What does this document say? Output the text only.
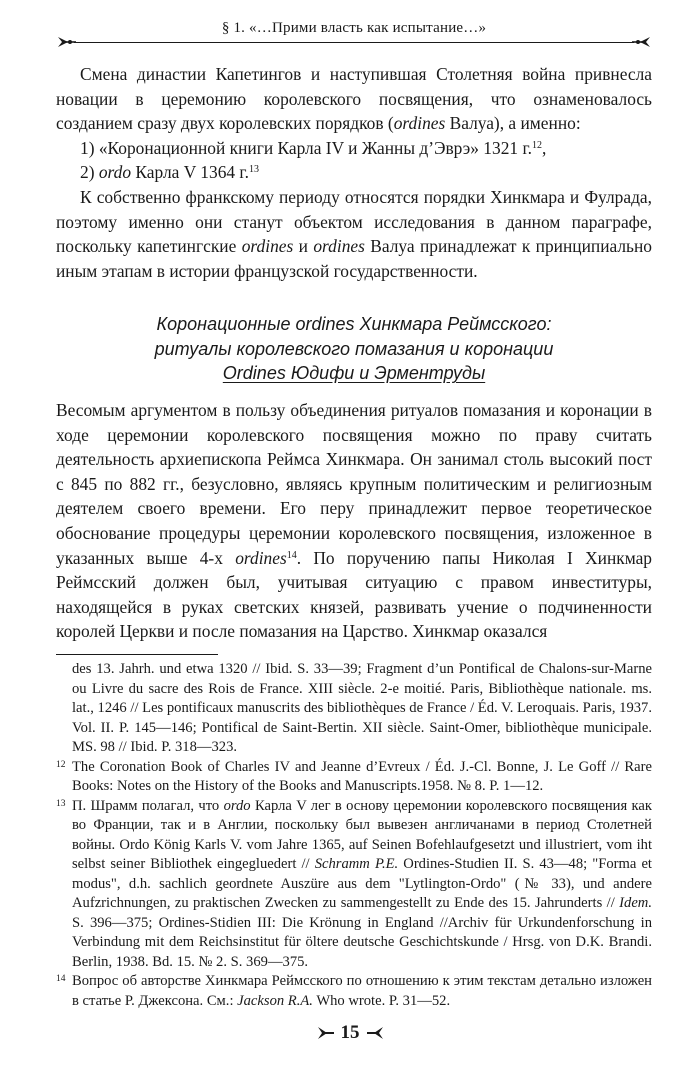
§ 1. «…Прими власть как испытание…»

Смена династии Капетингов и наступившая Столетняя война привнесла новации в церемонию королевского посвящения, что ознаменовалось созданием сразу двух королевских порядков (ordines Валуа), а именно:

1) «Коронационной книги Карла IV и Жанны д’Эврэ» 1321 г.$^{12}$,

2) ordo Карла V 1364 г.$^{13}$

К собственно франкскому периоду относятся порядки Хинкмара и Фулрада, поэтому именно они станут объектом исследования в данном параграфе, поскольку капетингские ordines и ordines Валуа принадлежат к принципиально иным этапам в истории французской государственности.

Коронационные ordines Хинкмара Реймсского:
ритуалы королевского помазания и коронации
Ordines Юдифи и Эрментруды

Весомым аргументом в пользу объединения ритуалов помазания и коронации в ходе церемонии королевского посвящения можно по праву считать деятельность архиепископа Реймса Хинкмара. Он занимал столь высокий пост с 845 по 882 гг., безусловно, являясь крупным политическим и религиозным деятелем своего времени. Его перу принадлежит первое теоретическое обоснование процедуры церемонии королевского посвящения, изложенное в указанных выше 4-х ordines$^{14}$. По поручению папы Николая I Хинкмар Реймсский должен был, учитывая ситуацию с правом инвеституры, находящейся в руках светских князей, развивать учение о подчиненности королей Церкви и после помазания на Царство. Хинкмар оказался

des 13. Jahrh. und etwa 1320 // Ibid. S. 33—39; Fragment d’un Pontifical de Chalons-sur-Marne ou Livre du sacre des Rois de France. XIII siècle. 2-e moitié. Paris, Bibliothèque nationale. ms. lat., 1246 // Les pontificaux manuscrits des bibliothèques de France / Éd. V. Leroquais. Paris, 1937. Vol. II. P. 145—146; Pontifical de Saint-Bertin. XII siècle. Saint-Omer, bibliothèque municipale. MS. 98 // Ibid. P. 318—323.

12 The Coronation Book of Charles IV and Jeanne d’Evreux / Éd. J.-Cl. Bonne, J. Le Goff // Rare Books: Notes on the History of the Books and Manuscripts.1958. № 8. P. 1—12.

13 П. Шрамм полагал, что ordo Карла V лег в основу церемонии королевского посвящения как во Франции, так и в Англии, поскольку был вывезен англичанами в период Столетней войны. Ordo König Karls V. vom Jahre 1365, auf Seinen Bofehlaufgesetzt und illustriert, vom iht selbst seiner Bibliothek eingegluedert // Schramm P.E. Ordines-Studien II. S. 43—48; "Forma et modus", d.h. sachlich geordnete Auszüre aus dem "Lytlington-Ordo" (№ 33), und andere Aufzrichnungen, zu praktischen Zwecken zu sammengestellt zu Ende des 15. Jahrunderts // Idem. S. 396—375; Ordines-Stidien III: Die Krönung in England //Archiv für Urkundenforschung in Verbindung mit dem Reichsinstitut für öltere deutsche Geschichtskunde / Hrsg. von D.K. Brandi. Berlin, 1938. Bd. 15. № 2. S. 369—375.

14 Вопрос об авторстве Хинкмара Реймсского по отношению к этим текстам детально изложен в статье Р. Джексона. См.: Jackson R.A. Who wrote. P. 31—52.

15
